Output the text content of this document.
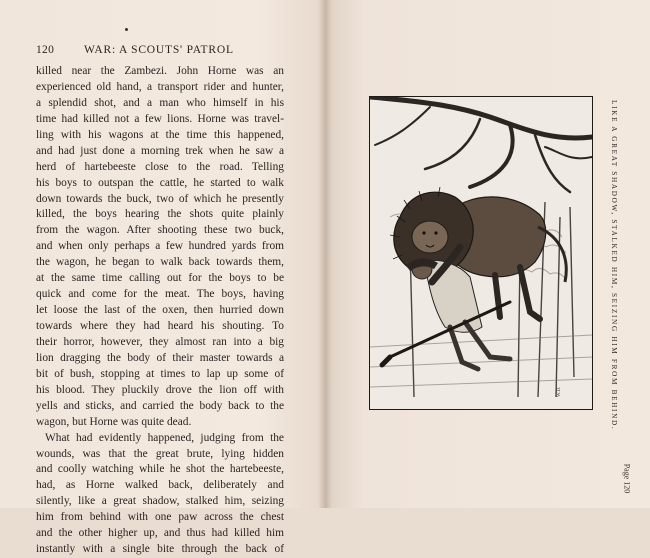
120	WAR: A SCOUTS' PATROL
killed near the Zambezi. John Horne was an
experienced old hand, a transport rider and hunter,
a splendid shot, and a man who himself in his
time had killed not a few lions. Horne was travel-
ling with his wagons at the time this happened,
and had just done a morning trek when he saw a
herd of hartebeeste close to the road. Telling
his boys to outspan the cattle, he started to walk
down towards the buck, two of which he presently
killed, the boys hearing the shots quite plainly
from the wagon. After shooting these two buck,
and when only perhaps a few hundred yards from
the wagon, he began to walk back towards them,
at the same time calling out for the boys to be
quick and come for the meat. The boys, having
let loose the last of the oxen, then hurried down
towards where they had heard his shouting. To
their horror, however, they almost ran into a big
lion dragging the body of their master towards a
bit of bush, stopping at times to lap up some of
his blood. They pluckily drove the lion off with
yells and sticks, and carried the body back to the
wagon, but Horne was quite dead.
What had evidently happened, judging from the
wounds, was that the great brute, lying hidden
and coolly watching while he shot the hartebeeste,
had, as Horne walked back, deliberately and
silently, like a great shadow, stalked him, seizing
him from behind with one paw across the chest
and the other higher up, and thus had killed him
instantly with a single bite through the back of
W.D.	LIKE A GREAT SHADOW, STALKED HIM, SEIZING HIM FROM BEHIND.
Page 120
